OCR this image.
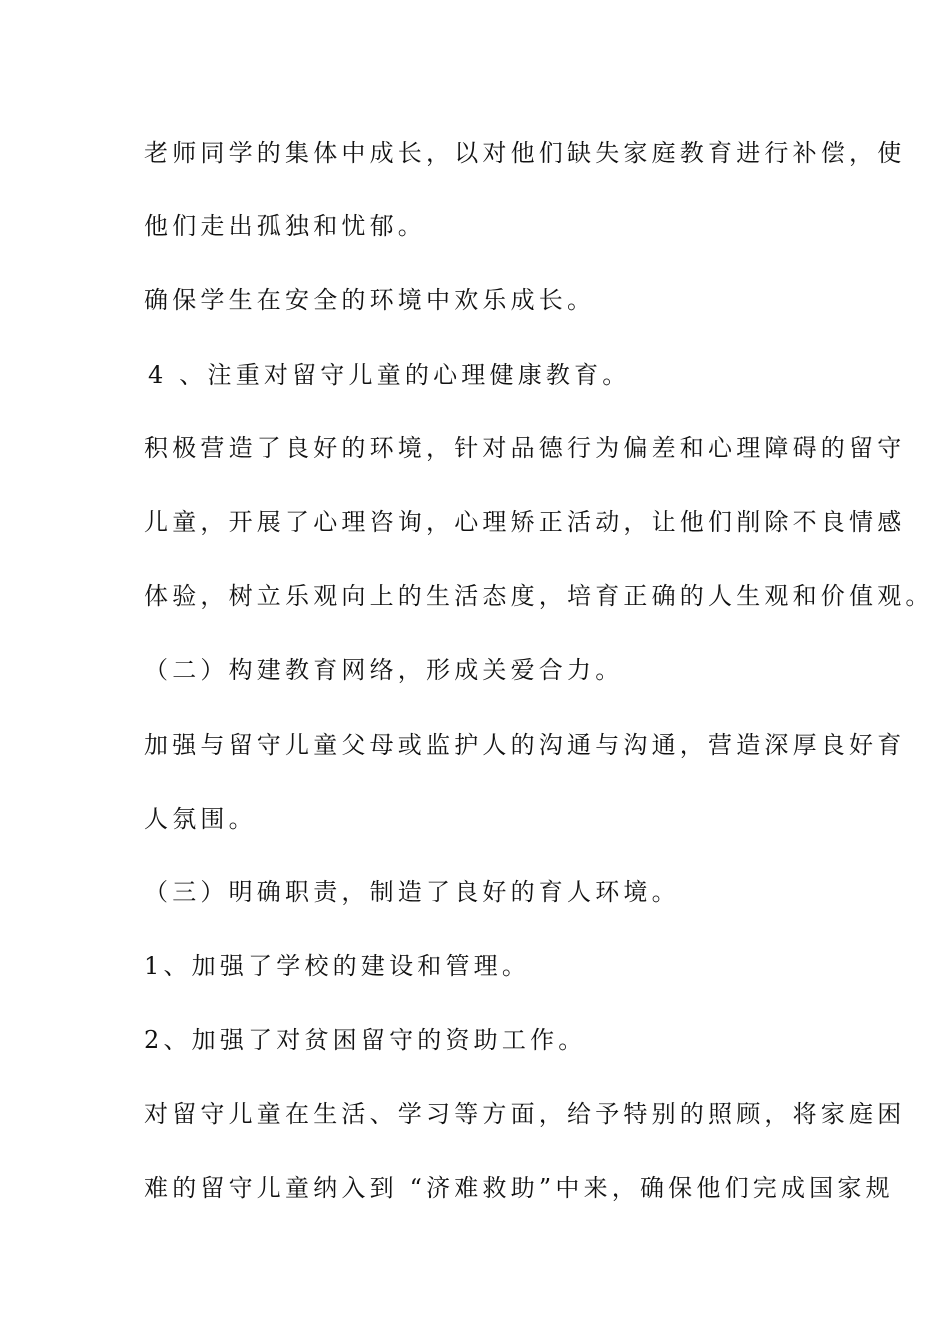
老师同学的集体中成长，以对他们缺失家庭教育进行补偿，使
他们走出孤独和忧郁。
确保学生在安全的环境中欢乐成长。
4 、注重对留守儿童的心理健康教育。
积极营造了良好的环境，针对品德行为偏差和心理障碍的留守
儿童，开展了心理咨询，心理矫正活动，让他们削除不良情感
体验，树立乐观向上的生活态度，培育正确的人生观和价值观。
（二）构建教育网络，形成关爱合力。
加强与留守儿童父母或监护人的沟通与沟通，营造深厚良好育
人氛围。
（三）明确职责，制造了良好的育人环境。
1、加强了学校的建设和管理。
2、加强了对贫困留守的资助工作。
对留守儿童在生活、学习等方面，给予特别的照顾，将家庭困
难的留守儿童纳入到 “济难救助”中来，确保他们完成国家规
